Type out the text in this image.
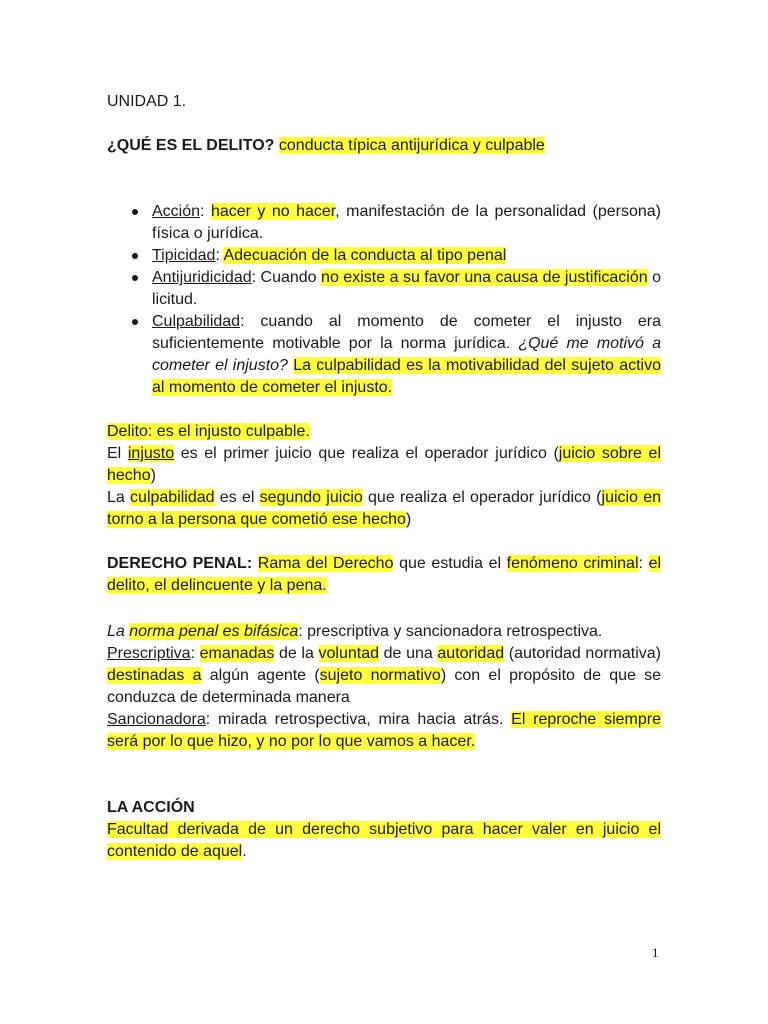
UNIDAD 1.

¿QUÉ ES EL DELITO? conducta típica antijurídica y culpable

Acción: hacer y no hacer, manifestación de la personalidad (persona) física o jurídica.
Tipicidad: Adecuación de la conducta al tipo penal
Antijuridicidad: Cuando no existe a su favor una causa de justificación o licitud.
Culpabilidad: cuando al momento de cometer el injusto era suficientemente motivable por la norma jurídica. ¿Qué me motivó a cometer el injusto? La culpabilidad es la motivabilidad del sujeto activo al momento de cometer el injusto.

Delito: es el injusto culpable.

El injusto es el primer juicio que realiza el operador jurídico (juicio sobre el hecho)

La culpabilidad es el segundo juicio que realiza el operador jurídico (juicio en torno a la persona que cometió ese hecho)

DERECHO PENAL: Rama del Derecho que estudia el fenómeno criminal: el delito, el delincuente y la pena.

La norma penal es bifásica: prescriptiva y sancionadora retrospectiva.

Prescriptiva: emanadas de la voluntad de una autoridad (autoridad normativa) destinadas a algún agente (sujeto normativo) con el propósito de que se conduzca de determinada manera

Sancionadora: mirada retrospectiva, mira hacia atrás. El reproche siempre será por lo que hizo, y no por lo que vamos a hacer.

LA ACCIÓN

Facultad derivada de un derecho subjetivo para hacer valer en juicio el contenido de aquel.

1
